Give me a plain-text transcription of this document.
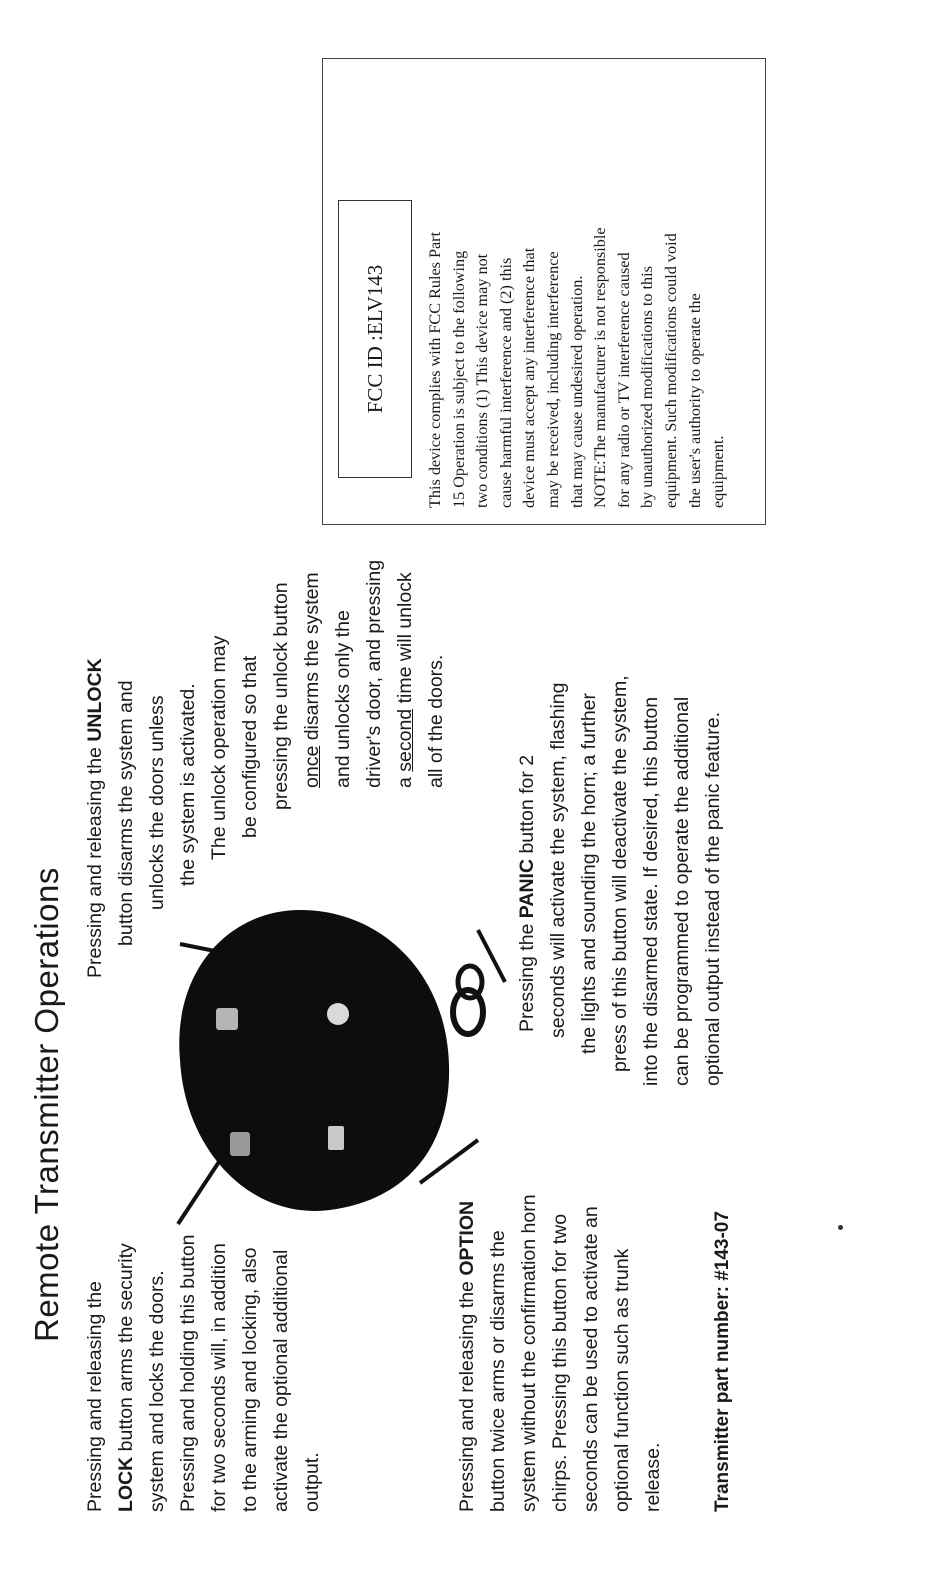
Remote Transmitter Operations
Pressing and releasing the LOCK button arms the security system and locks the doors. Pressing and holding this button for two seconds will, in addition to the arming and locking, also activate the optional additional output.
Pressing and releasing the UNLOCK button disarms the system and unlocks the doors unless the system is activated. The unlock operation may be configured so that pressing the unlock button once disarms the system and unlocks only the driver's door, and pressing a second time will unlock
all of the doors.
Pressing and releasing the OPTION button twice arms or disarms the system without the confirmation horn chirps. Pressing this button for two seconds can be used to activate an optional function such as trunk release.
Pressing the PANIC button for 2 seconds will activate the system, flashing the lights and sounding the horn; a further press of this button will deactivate the system, into the disarmed state. If desired, this button can be programmed to operate the additional optional output instead of the panic feature.
Transmitter part number: #143-07
FCC ID :ELV143	This device complies with FCC Rules Part 15 Operation is subject to the following two conditions (1) This device may not cause harmful interference and (2) this device must accept any interference that may be received, including interference that may cause undesired operation. NOTE:The manufacturer is not responsible for any radio or TV interference caused by unauthorized modifications to this equipment. Such modifications could void the user's authority to operate the equipment.
